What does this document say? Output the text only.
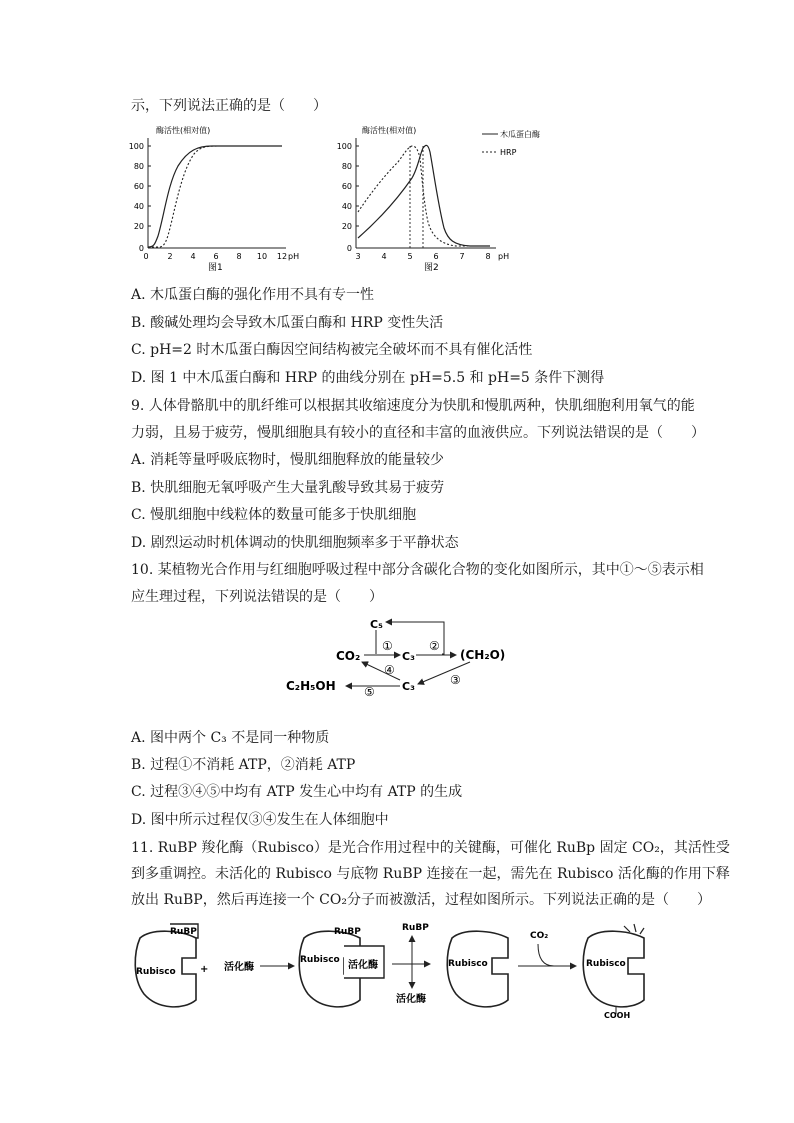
示，下列说法正确的是（　　）
酶活性(相对值)
100
80
60
40
20
0
0 2 4 6 8 10 12 pH
图1
酶活性(相对值)
100
80
60
40
20
0
3	4	5	6	7	8 pH
木瓜蛋白酶
HRP
图2
A. 木瓜蛋白酶的强化作用不具有专一性
B. 酸碱处理均会导致木瓜蛋白酶和 HRP 变性失活
C. pH=2 时木瓜蛋白酶因空间结构被完全破坏而不具有催化活性
D. 图 1 中木瓜蛋白酶和 HRP 的曲线分别在 pH=5.5 和 pH=5 条件下测得
9. 人体骨骼肌中的肌纤维可以根据其收缩速度分为快肌和慢肌两种，快肌细胞利用氧气的能
力弱，且易于疲劳，慢肌细胞具有较小的直径和丰富的血液供应。下列说法错误的是（　　）
A. 消耗等量呼吸底物时，慢肌细胞释放的能量较少
B. 快肌细胞无氧呼吸产生大量乳酸导致其易于疲劳
C. 慢肌细胞中线粒体的数量可能多于快肌细胞
D. 剧烈运动时机体调动的快肌细胞频率多于平静状态
10. 某植物光合作用与红细胞呼吸过程中部分含碳化合物的变化如图所示，其中①～⑤表示相
应生理过程，下列说法错误的是（　　）
C₅
CO₂	C₃	(CH₂O)
C₃
C₂H₅OH
①	②
③
④
⑤
A. 图中两个 C₃ 不是同一种物质
B. 过程①不消耗 ATP，②消耗 ATP
C. 过程③④⑤中均有 ATP 发生心中均有 ATP 的生成
D. 图中所示过程仅③④发生在人体细胞中
11. RuBP 羧化酶（Rubisco）是光合作用过程中的关键酶，可催化 RuBp 固定 CO₂，其活性受
到多重调控。未活化的 Rubisco 与底物 RuBP 连接在一起，需先在 Rubisco 活化酶的作用下释
放出 RuBP，然后再连接一个 CO₂分子而被激活，过程如图所示。下列说法正确的是（　　）
Rubisco
RuBP
+ 活化酶
Rubisco
RuBP
活化酶
RuBP
活化酶
Rubisco
CO₂
Rubisco
COOH
